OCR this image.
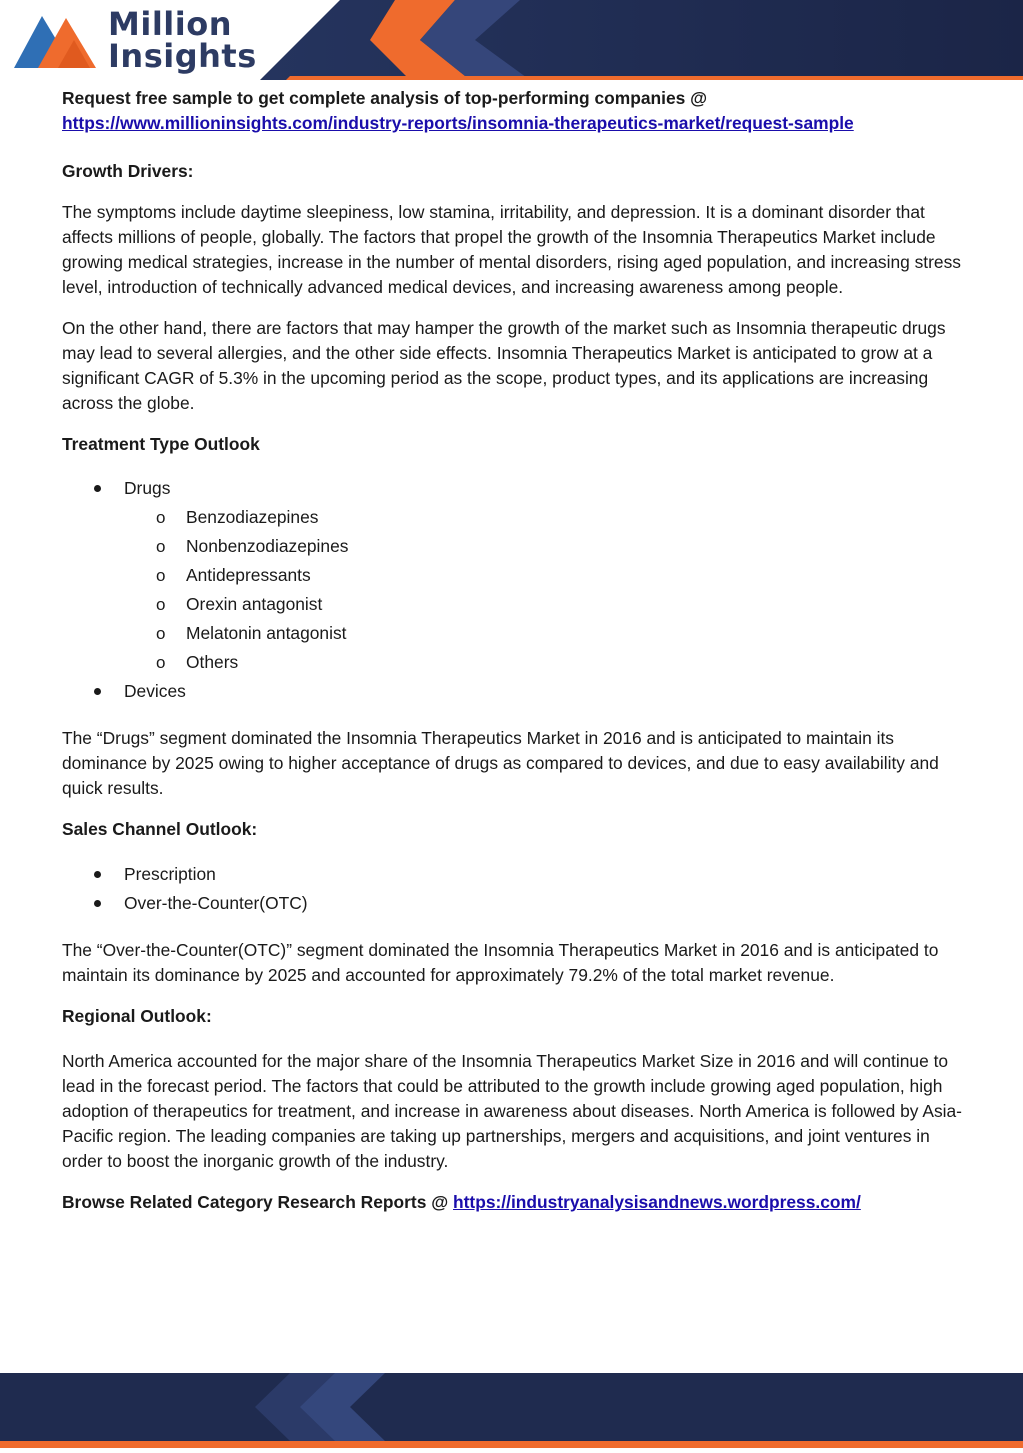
Million
Insights

Request free sample to get complete analysis of top-performing companies @

https://www.millioninsights.com/industry-reports/insomnia-therapeutics-market/request-sample

Growth Drivers:

The symptoms include daytime sleepiness, low stamina, irritability, and depression. It is a dominant disorder that affects millions of people, globally. The factors that propel the growth of the Insomnia Therapeutics Market include growing medical strategies, increase in the number of mental disorders, rising aged population, and increasing stress level, introduction of technically advanced medical devices, and increasing awareness among people.

On the other hand, there are factors that may hamper the growth of the market such as Insomnia therapeutic drugs may lead to several allergies, and the other side effects. Insomnia Therapeutics Market is anticipated to grow at a significant CAGR of 5.3% in the upcoming period as the scope, product types, and its applications are increasing across the globe.

Treatment Type Outlook

Drugs
o Benzodiazepines
o Nonbenzodiazepines
o Antidepressants
o Orexin antagonist
o Melatonin antagonist
o Others
Devices

The “Drugs” segment dominated the Insomnia Therapeutics Market in 2016 and is anticipated to maintain its dominance by 2025 owing to higher acceptance of drugs as compared to devices, and due to easy availability and quick results.

Sales Channel Outlook:

Prescription
Over-the-Counter(OTC)

The “Over-the-Counter(OTC)” segment dominated the Insomnia Therapeutics Market in 2016 and is anticipated to maintain its dominance by 2025 and accounted for approximately 79.2% of the total market revenue.

Regional Outlook:

North America accounted for the major share of the Insomnia Therapeutics Market Size in 2016 and will continue to lead in the forecast period. The factors that could be attributed to the growth include growing aged population, high adoption of therapeutics for treatment, and increase in awareness about diseases. North America is followed by Asia-Pacific region. The leading companies are taking up partnerships, mergers and acquisitions, and joint ventures in order to boost the inorganic growth of the industry.

Browse Related Category Research Reports @ https://industryanalysisandnews.wordpress.com/
